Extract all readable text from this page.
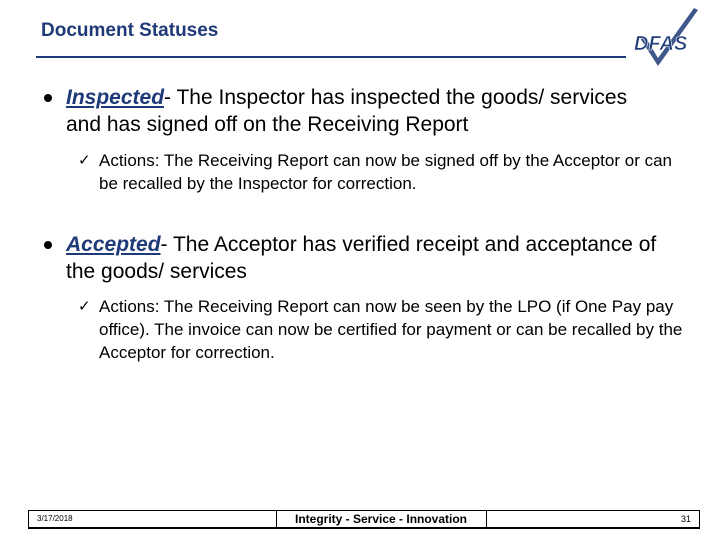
Document Statuses
DFAS
Inspected- The Inspector has inspected the goods/ services and has signed off on the Receiving Report
✓ Actions: The Receiving Report can now be signed off by the Acceptor or can be recalled by the Inspector for correction.
Accepted- The Acceptor has verified receipt and acceptance of the goods/ services
✓ Actions: The Receiving Report can now be seen by the LPO (if One Pay pay office). The invoice can now be certified for payment or can be recalled by the Acceptor for correction.
3/17/2018	Integrity - Service - Innovation	31
